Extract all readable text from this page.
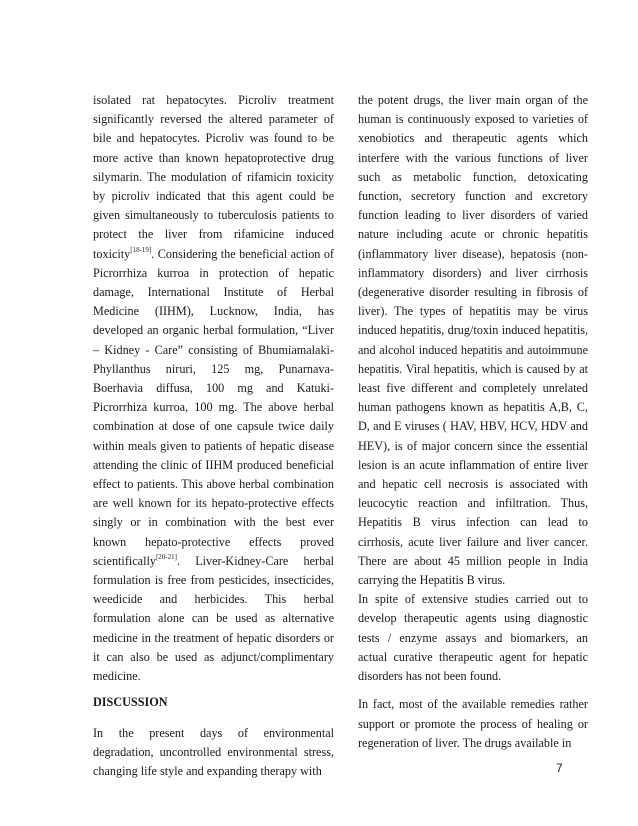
isolated rat hepatocytes. Picroliv treatment significantly reversed the altered parameter of bile and hepatocytes. Picroliv was found to be more active than known hepatoprotective drug silymarin. The modulation of rifamicin toxicity by picroliv indicated that this agent could be given simultaneously to tuberculosis patients to protect the liver from rifamicine induced toxicity[18-19]. Considering the beneficial action of Picrorrhiza kurroa in protection of hepatic damage, International Institute of Herbal Medicine (IIHM), Lucknow, India, has developed an organic herbal formulation, “Liver – Kidney - Care” consisting of Bhumiamalaki- Phyllanthus niruri, 125 mg, Punarnava- Boerhavia diffusa, 100 mg and Katuki- Picrorrhiza kurroa, 100 mg. The above herbal combination at dose of one capsule twice daily within meals given to patients of hepatic disease attending the clinic of IIHM produced beneficial effect to patients. This above herbal combination are well known for its hepato-protective effects singly or in combination with the best ever known hepato-protective effects proved scientifically[20-21]. Liver-Kidney-Care herbal formulation is free from pesticides, insecticides, weedicide and herbicides. This herbal formulation alone can be used as alternative medicine in the treatment of hepatic disorders or it can also be used as adjunct/complimentary medicine.

DISCUSSION

In the present days of environmental degradation, uncontrolled environmental stress, changing life style and expanding therapy with

the potent drugs, the liver main organ of the human is continuously exposed to varieties of xenobiotics and therapeutic agents which interfere with the various functions of liver such as metabolic function, detoxicating function, secretory function and excretory function leading to liver disorders of varied nature including acute or chronic hepatitis (inflammatory liver disease), hepatosis (non-inflammatory disorders) and liver cirrhosis (degenerative disorder resulting in fibrosis of liver). The types of hepatitis may be virus induced hepatitis, drug/toxin induced hepatitis, and alcohol induced hepatitis and autoimmune hepatitis. Viral hepatitis, which is caused by at least five different and completely unrelated human pathogens known as hepatitis A,B, C, D, and E viruses ( HAV, HBV, HCV, HDV and HEV), is of major concern since the essential lesion is an acute inflammation of entire liver and hepatic cell necrosis is associated with leucocytic reaction and infiltration. Thus, Hepatitis B virus infection can lead to cirrhosis, acute liver failure and liver cancer. There are about 45 million people in India carrying the Hepatitis B virus.

In spite of extensive studies carried out to develop therapeutic agents using diagnostic tests / enzyme assays and biomarkers, an actual curative therapeutic agent for hepatic disorders has not been found.

In fact, most of the available remedies rather support or promote the process of healing or regeneration of liver. The drugs available in

7
